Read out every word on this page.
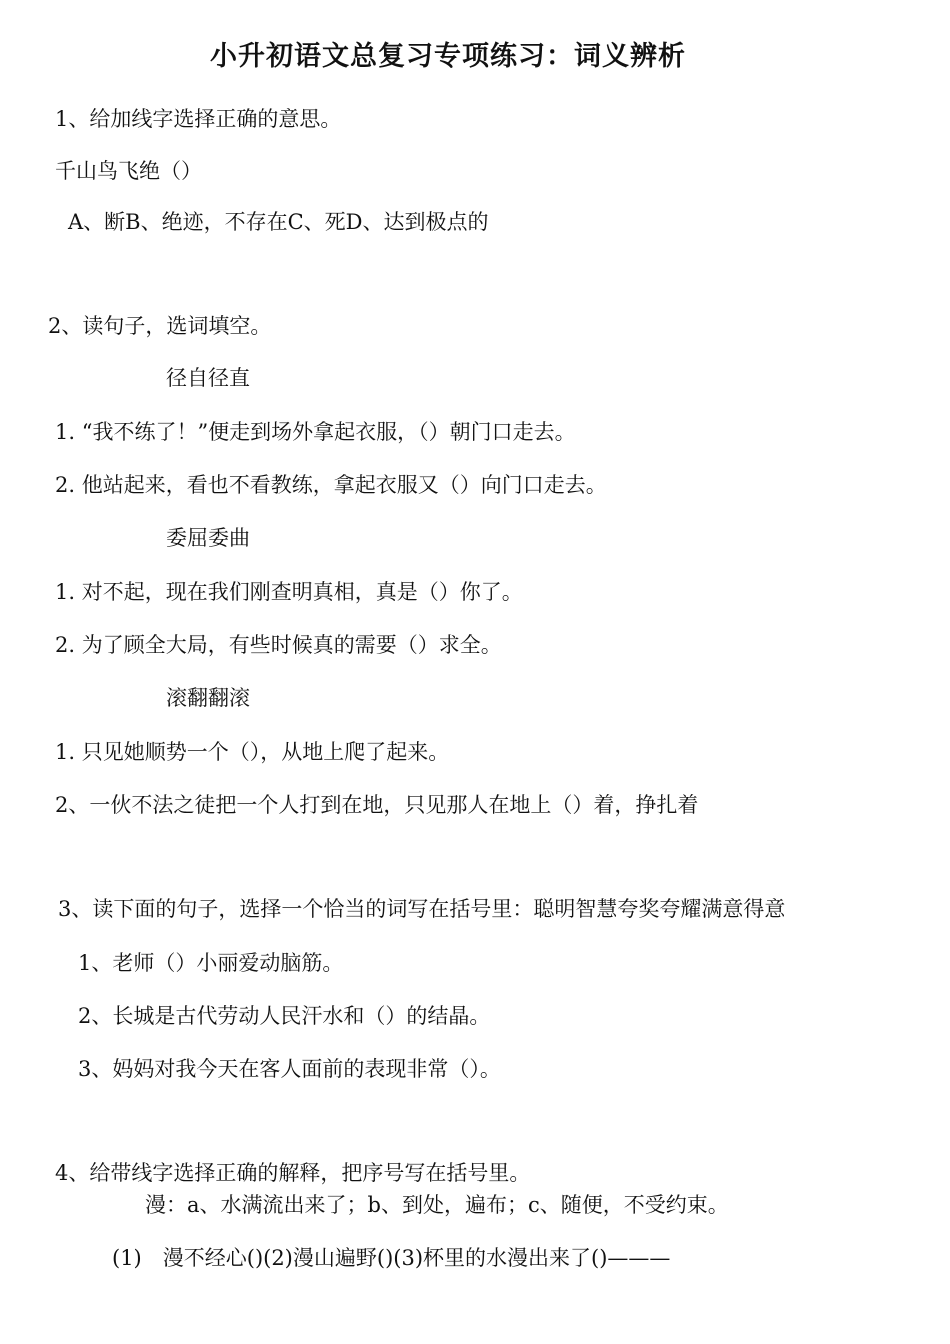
小升初语文总复习专项练习：词义辨析
1、给加线字选择正确的意思。
千山鸟飞绝（）
A、断B、绝迹，不存在C、死D、达到极点的
2、读句子，选词填空。
径自径直
1. “我不练了！”便走到场外拿起衣服，（）朝门口走去。
2. 他站起来，看也不看教练，拿起衣服又（）向门口走去。
委屈委曲
1. 对不起，现在我们刚查明真相，真是（）你了。
2. 为了顾全大局，有些时候真的需要（）求全。
滚翻翻滚
1. 只见她顺势一个（），从地上爬了起来。
2、一伙不法之徒把一个人打到在地，只见那人在地上（）着，挣扎着
3、读下面的句子，选择一个恰当的词写在括号里：聪明智慧夸奖夸耀满意得意
1、老师（）小丽爱动脑筋。
2、长城是古代劳动人民汗水和（）的结晶。
3、妈妈对我今天在客人面前的表现非常（）。
4、给带线字选择正确的解释，把序号写在括号里。
漫：a、水满流出来了；b、到处，遍布；c、随便，不受约束。
(1)　漫不经心()(2)漫山遍野()(3)杯里的水漫出来了()———
